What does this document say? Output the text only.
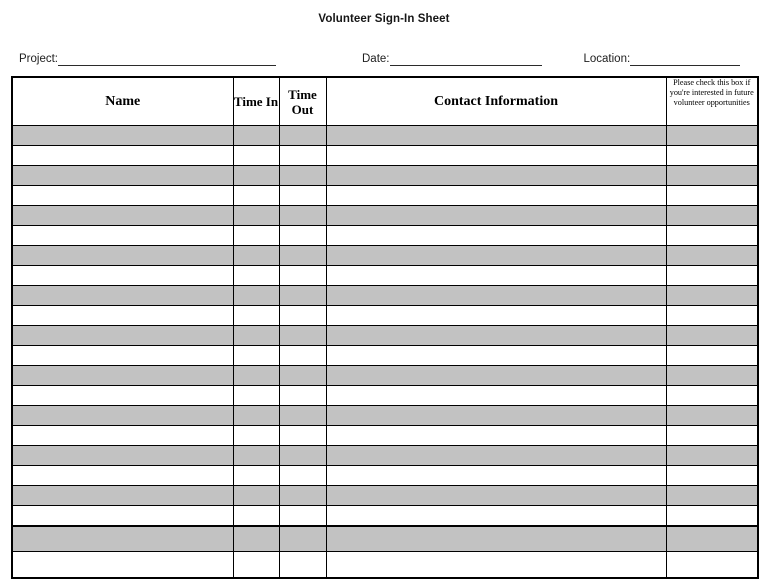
Volunteer Sign-In Sheet
Project:	Date:	Location:
Name	Time In	Time Out	Contact Information	Please check this box if you're interested in future volunteer opportunities
